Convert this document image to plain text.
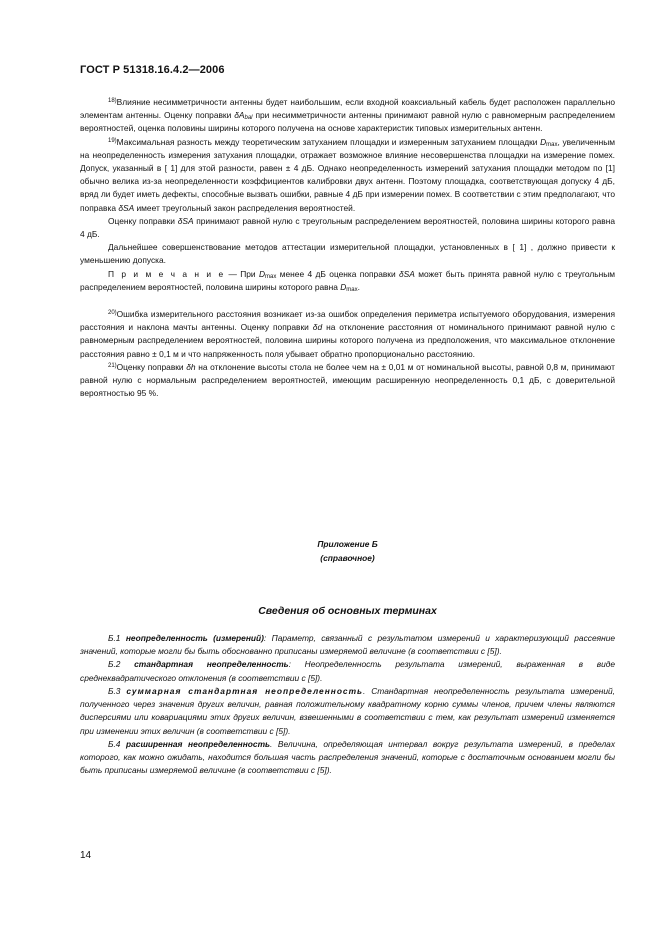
ГОСТ Р 51318.16.4.2—2006

$^{18)}$Влияние несимметричности антенны будет наибольшим, если входной коаксиальный кабель будет расположен параллельно элементам антенны. Оценку поправки $\delta A_{bal}$ при несимметричности антенны принимают равной нулю с равномерным распределением вероятностей, оценка половины ширины которого получена на основе характеристик типовых измерительных антенн.

$^{19)}$Максимальная разность между теоретическим затуханием площадки и измеренным затуханием площадки $D_{max}$, увеличенным на неопределенность измерения затухания площадки, отражает возможное влияние несовершенства площадки на измерение помех. Допуск, указанный в [ 1] для этой разности, равен ± 4 дБ. Однако неопределенность измерений затухания площадки методом по [1] обычно велика из-за неопределенности коэффициентов калибровки двух антенн. Поэтому площадка, соответствующая допуску 4 дБ, вряд ли будет иметь дефекты, способные вызвать ошибки, равные 4 дБ при измерении помех. В соответствии с этим предполагают, что поправка δSA имеет треугольный закон распределения вероятностей.

Оценку поправки δSA принимают равной нулю с треугольным распределением вероятностей, половина ширины которого равна 4 дБ.

Дальнейшее совершенствование методов аттестации измерительной площадки, установленных в [ 1] , должно привести к уменьшению допуска.

П р и м е ч а н и е — При $D_{max}$ менее 4 дБ оценка поправки δSA может быть принята равной нулю с треугольным распределением вероятностей, половина ширины которого равна $D_{max}$.

$^{20)}$Ошибка измерительного расстояния возникает из-за ошибок определения периметра испытуемого оборудования, измерения расстояния и наклона мачты антенны. Оценку поправки δd на отклонение расстояния от номинального принимают равной нулю с равномерным распределением вероятностей, половина ширины которого получена из предположения, что максимальное отклонение расстояния равно ± 0,1 м и что напряженность поля убывает обратно пропорционально расстоянию.

$^{21)}$Оценку поправки δh на отклонение высоты стола не более чем на ± 0,01 м от номинальной высоты, равной 0,8 м, принимают равной нулю с нормальным распределением вероятностей, имеющим расширенную неопределенность 0,1 дБ, с доверительной вероятностью 95 %.

Приложение Б
(справочное)

Сведения об основных терминах

Б.1 неопределенность (измерений): Параметр, связанный с результатом измерений и характеризующий рассеяние значений, которые могли бы быть обоснованно приписаны измеряемой величине (в соответствии с [5]).

Б.2 стандартная неопределенность: Неопределенность результата измерений, выраженная в виде среднеквадратического отклонения (в соответствии с [5]).

Б.3 суммарная стандартная неопределенность. Стандартная неопределенность результата измерений, полученного через значения других величин, равная положительному квадратному корню суммы членов, причем члены являются дисперсиями или ковариациями этих других величин, взвешенными в соответствии с тем, как результат измерений изменяется при изменении этих величин (в соответствии с [5]).

Б.4 расширенная неопределенность. Величина, определяющая интервал вокруг результата измерений, в пределах которого, как можно ожидать, находится большая часть распределения значений, которые с достаточным основанием могли бы быть приписаны измеряемой величине (в соответствии с [5]).

14
